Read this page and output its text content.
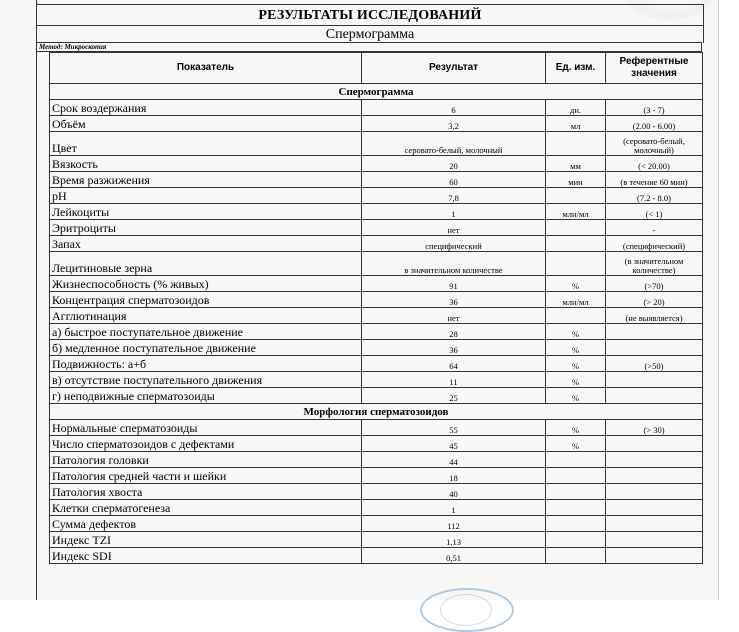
РЕЗУЛЬТАТЫ ИССЛЕДОВАНИЙ
Спермограмма
Метод: Микроскопия
Показатель	Результат	Ед. изм.	Референтные значения
Спермограмма			
Срок воздержания	6	дн.	(3 - 7)
Объём	3,2	мл	(2.00 - 6.00)
Цвет	серовато-белый, молочный		(серовато-белый, молочный)
Вязкость	20	мм	(< 20.00)
Время разжижения	60	мин	(в течение 60 мин)
pH	7,8		(7.2 - 8.0)
Лейкоциты	1	млн/мл	(< 1)
Эритроциты	нет		-
Запах	специфический		(специфический)
Лецитиновые зерна	в значительном количестве		(в значительном количестве)
Жизнеспособность (% живых)	91	%	(>70)
Концентрация сперматозоидов	36	млн/мл	(> 20)
Агглютинация	нет		(не выявляется)
а) быстрое поступательное движение	28	%	
б) медленное поступательное движение	36	%	
Подвижность: а+б	64	%	(>50)
в) отсутствие поступательного движения	11	%	
г) неподвижные сперматозоиды	25	%	
Морфология сперматозоидов			
Нормальные сперматозоиды	55	%	(> 30)
Число сперматозоидов с дефектами	45	%	
Патология головки	44		
Патология средней части и шейки	18		
Патология хвоста	40		
Клетки сперматогенеза	1		
Сумма дефектов	112		
Индекс TZI	1,13		
Индекс SDI	0,51		
